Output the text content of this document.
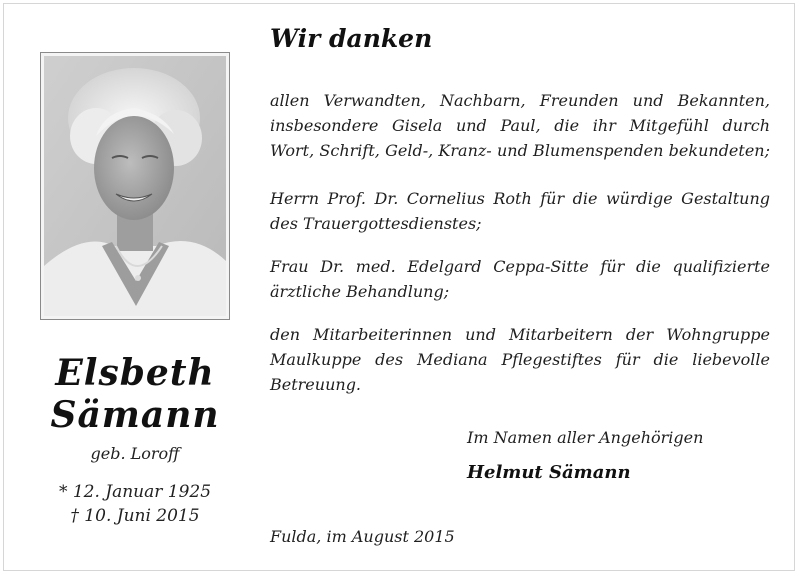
Elsbeth
Sämann
geb. Loroff
* 12. Januar 1925
† 10. Juni 2015
Wir danken
allen Verwandten, Nachbarn, Freunden und Bekannten,
insbesondere Gisela und Paul, die ihr Mitgefühl durch
Wort, Schrift, Geld-, Kranz- und Blumenspenden bekundeten;
Herrn Prof. Dr. Cornelius Roth für die würdige Gestaltung
des Trauergottesdienstes;
Frau Dr. med. Edelgard Ceppa-Sitte für die qualifizierte
ärztliche Behandlung;
den Mitarbeiterinnen und Mitarbeitern der Wohngruppe
Maulkuppe des Mediana Pflegestiftes für die liebevolle
Betreuung.
Im Namen aller Angehörigen
Helmut Sämann
Fulda, im August 2015
